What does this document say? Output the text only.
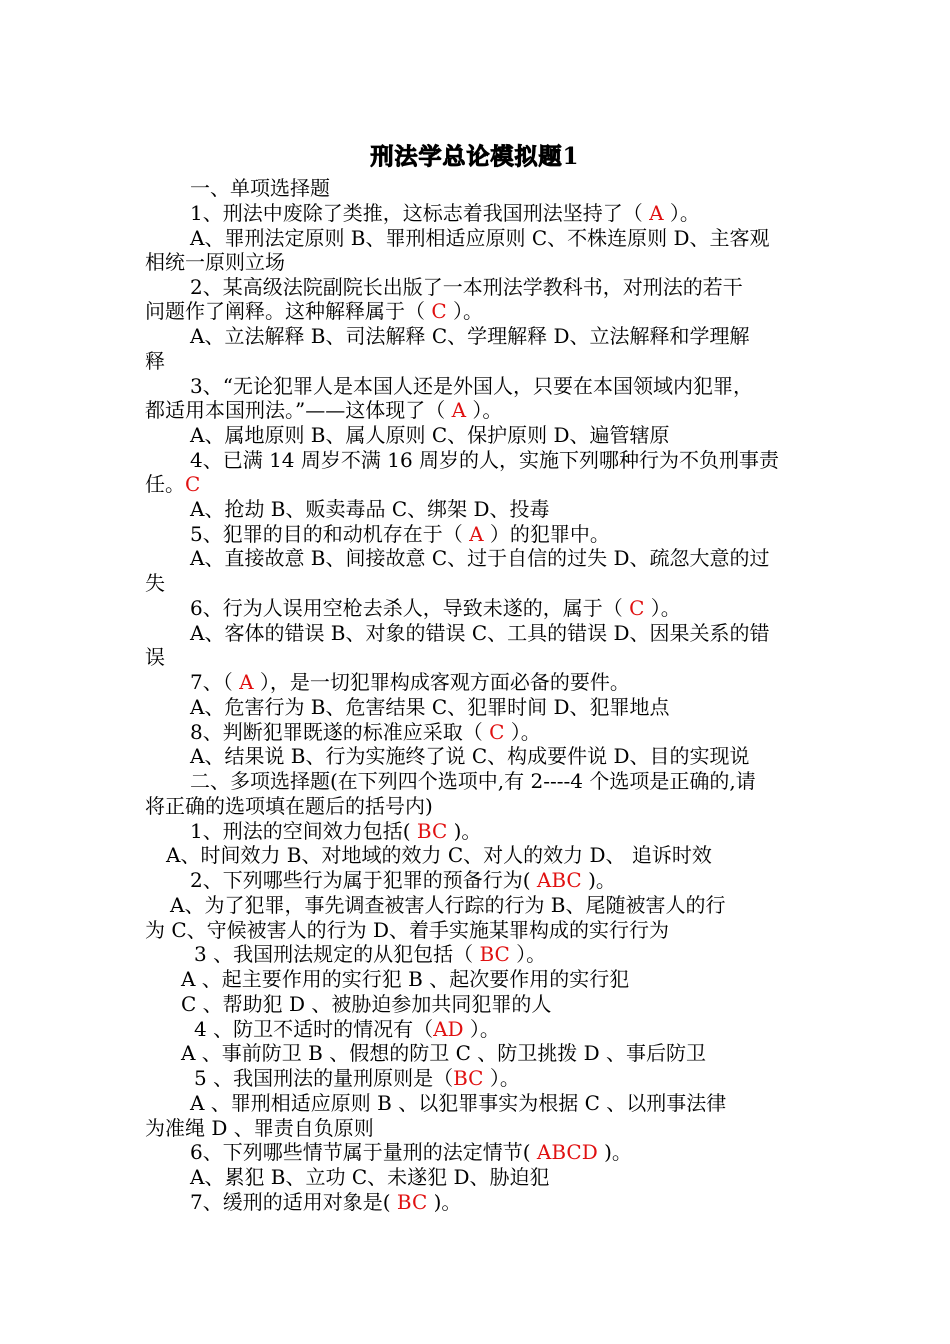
刑法学总论模拟题1
一、单项选择题
1、刑法中废除了类推，这标志着我国刑法坚持了（ A ）。
A、罪刑法定原则 B、罪刑相适应原则 C、不株连原则 D、主客观
相统一原则立场
2、某高级法院副院长出版了一本刑法学教科书，对刑法的若干
问题作了阐释。这种解释属于（ C ）。
A、立法解释 B、司法解释 C、学理解释 D、立法解释和学理解
释
3、“无论犯罪人是本国人还是外国人，只要在本国领域内犯罪，
都适用本国刑法。”——这体现了（ A ）。
A、属地原则 B、属人原则 C、保护原则 D、遍管辖原
4、已满 14 周岁不满 16 周岁的人，实施下列哪种行为不负刑事责
任。C
A、抢劫 B、贩卖毒品 C、绑架 D、投毒
5、犯罪的目的和动机存在于（ A ）的犯罪中。
A、直接故意 B、间接故意 C、过于自信的过失 D、疏忽大意的过
失
6、行为人误用空枪去杀人，导致未遂的，属于（ C ）。
A、客体的错误 B、对象的错误 C、工具的错误 D、因果关系的错
误
7、（ A ），是一切犯罪构成客观方面必备的要件。
A、危害行为 B、危害结果 C、犯罪时间 D、犯罪地点
8、判断犯罪既遂的标准应采取（ C ）。
A、结果说 B、行为实施终了说 C、构成要件说 D、目的实现说
二、多项选择题(在下列四个选项中,有 2----4 个选项是正确的,请
将正确的选项填在题后的括号内)
1、刑法的空间效力包括( BC )。
A、时间效力 B、对地域的效力 C、对人的效力 D、 追诉时效
2、下列哪些行为属于犯罪的预备行为( ABC )。
A、为了犯罪，事先调查被害人行踪的行为 B、尾随被害人的行
为 C、守候被害人的行为 D、着手实施某罪构成的实行行为
3 、我国刑法规定的从犯包括（ BC ）。
A 、起主要作用的实行犯 B 、起次要作用的实行犯
C 、帮助犯 D 、被胁迫参加共同犯罪的人
4 、防卫不适时的情况有（AD ）。
A 、事前防卫 B 、假想的防卫 C 、防卫挑拨 D 、事后防卫
5 、我国刑法的量刑原则是（BC ）。
A 、罪刑相适应原则 B 、以犯罪事实为根据 C 、以刑事法律
为准绳 D 、罪责自负原则
6、下列哪些情节属于量刑的法定情节( ABCD )。
A、累犯 B、立功 C、未遂犯 D、胁迫犯
7、缓刑的适用对象是( BC )。
